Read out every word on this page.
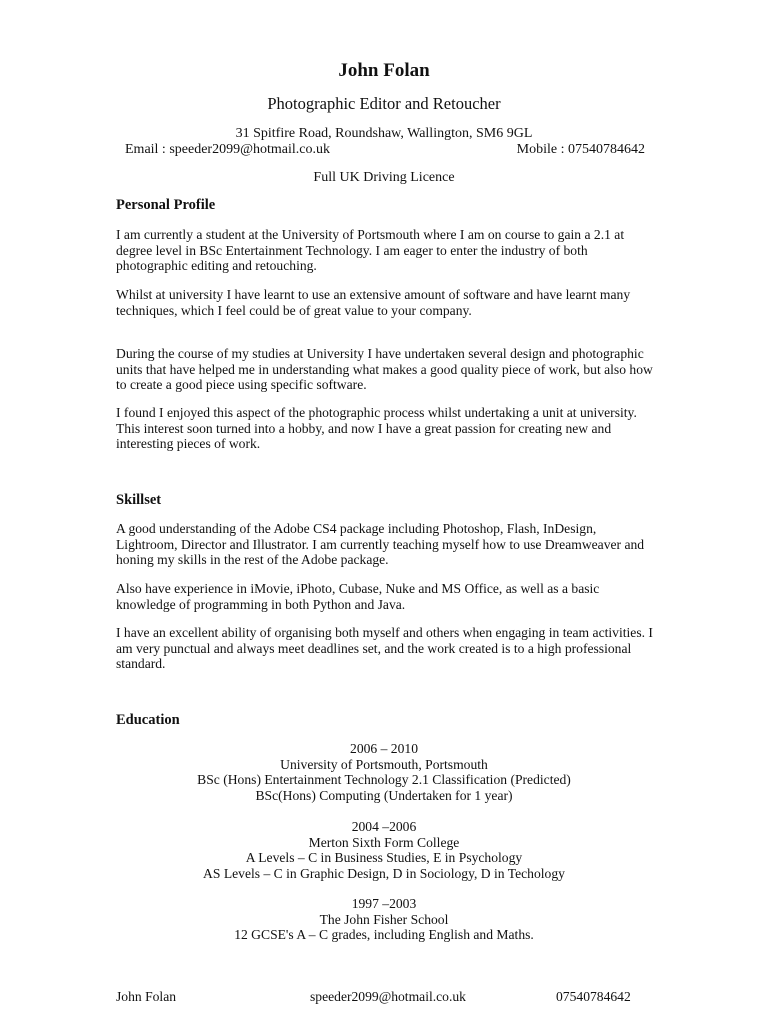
John Folan
Photographic Editor and Retoucher
31 Spitfire Road, Roundshaw, Wallington, SM6 9GL
Email : speeder2099@hotmail.co.uk	Mobile : 07540784642
Full UK Driving Licence

Personal Profile

I am currently a student at the University of Portsmouth where I am on course to gain a 2.1 at degree level in BSc Entertainment Technology. I am eager to enter the industry of both photographic editing and retouching.

Whilst at university I have learnt to use an extensive amount of software and have learnt many techniques, which I feel could be of great value to your company.

During the course of my studies at University I have undertaken several design and photographic units that have helped me in understanding what makes a good quality piece of work, but also how to create a good piece using specific software.

I found I enjoyed this aspect of the photographic process whilst undertaking a unit at university. This interest soon turned into a hobby, and now I have a great passion for creating new and interesting pieces of work.

Skillset

A good understanding of the Adobe CS4 package including Photoshop, Flash, InDesign, Lightroom, Director and Illustrator. I am currently teaching myself how to use Dreamweaver and honing my skills in the rest of the Adobe package.

Also have experience in iMovie, iPhoto, Cubase, Nuke and MS Office, as well as a basic knowledge of programming in both Python and Java.

I have an excellent ability of organising both myself and others when engaging in team activities. I am very punctual and always meet deadlines set, and the work created is to a high professional standard.

Education

2006 – 2010
University of Portsmouth, Portsmouth
BSc (Hons) Entertainment Technology 2.1 Classification (Predicted)
BSc(Hons) Computing (Undertaken for 1 year)
2004 –2006
Merton Sixth Form College
A Levels – C in Business Studies, E in Psychology
AS Levels – C in Graphic Design, D in Sociology, D in Techology
1997 –2003
The John Fisher School
12 GCSE's A – C grades, including English and Maths.
John Folan	speeder2099@hotmail.co.uk	07540784642
